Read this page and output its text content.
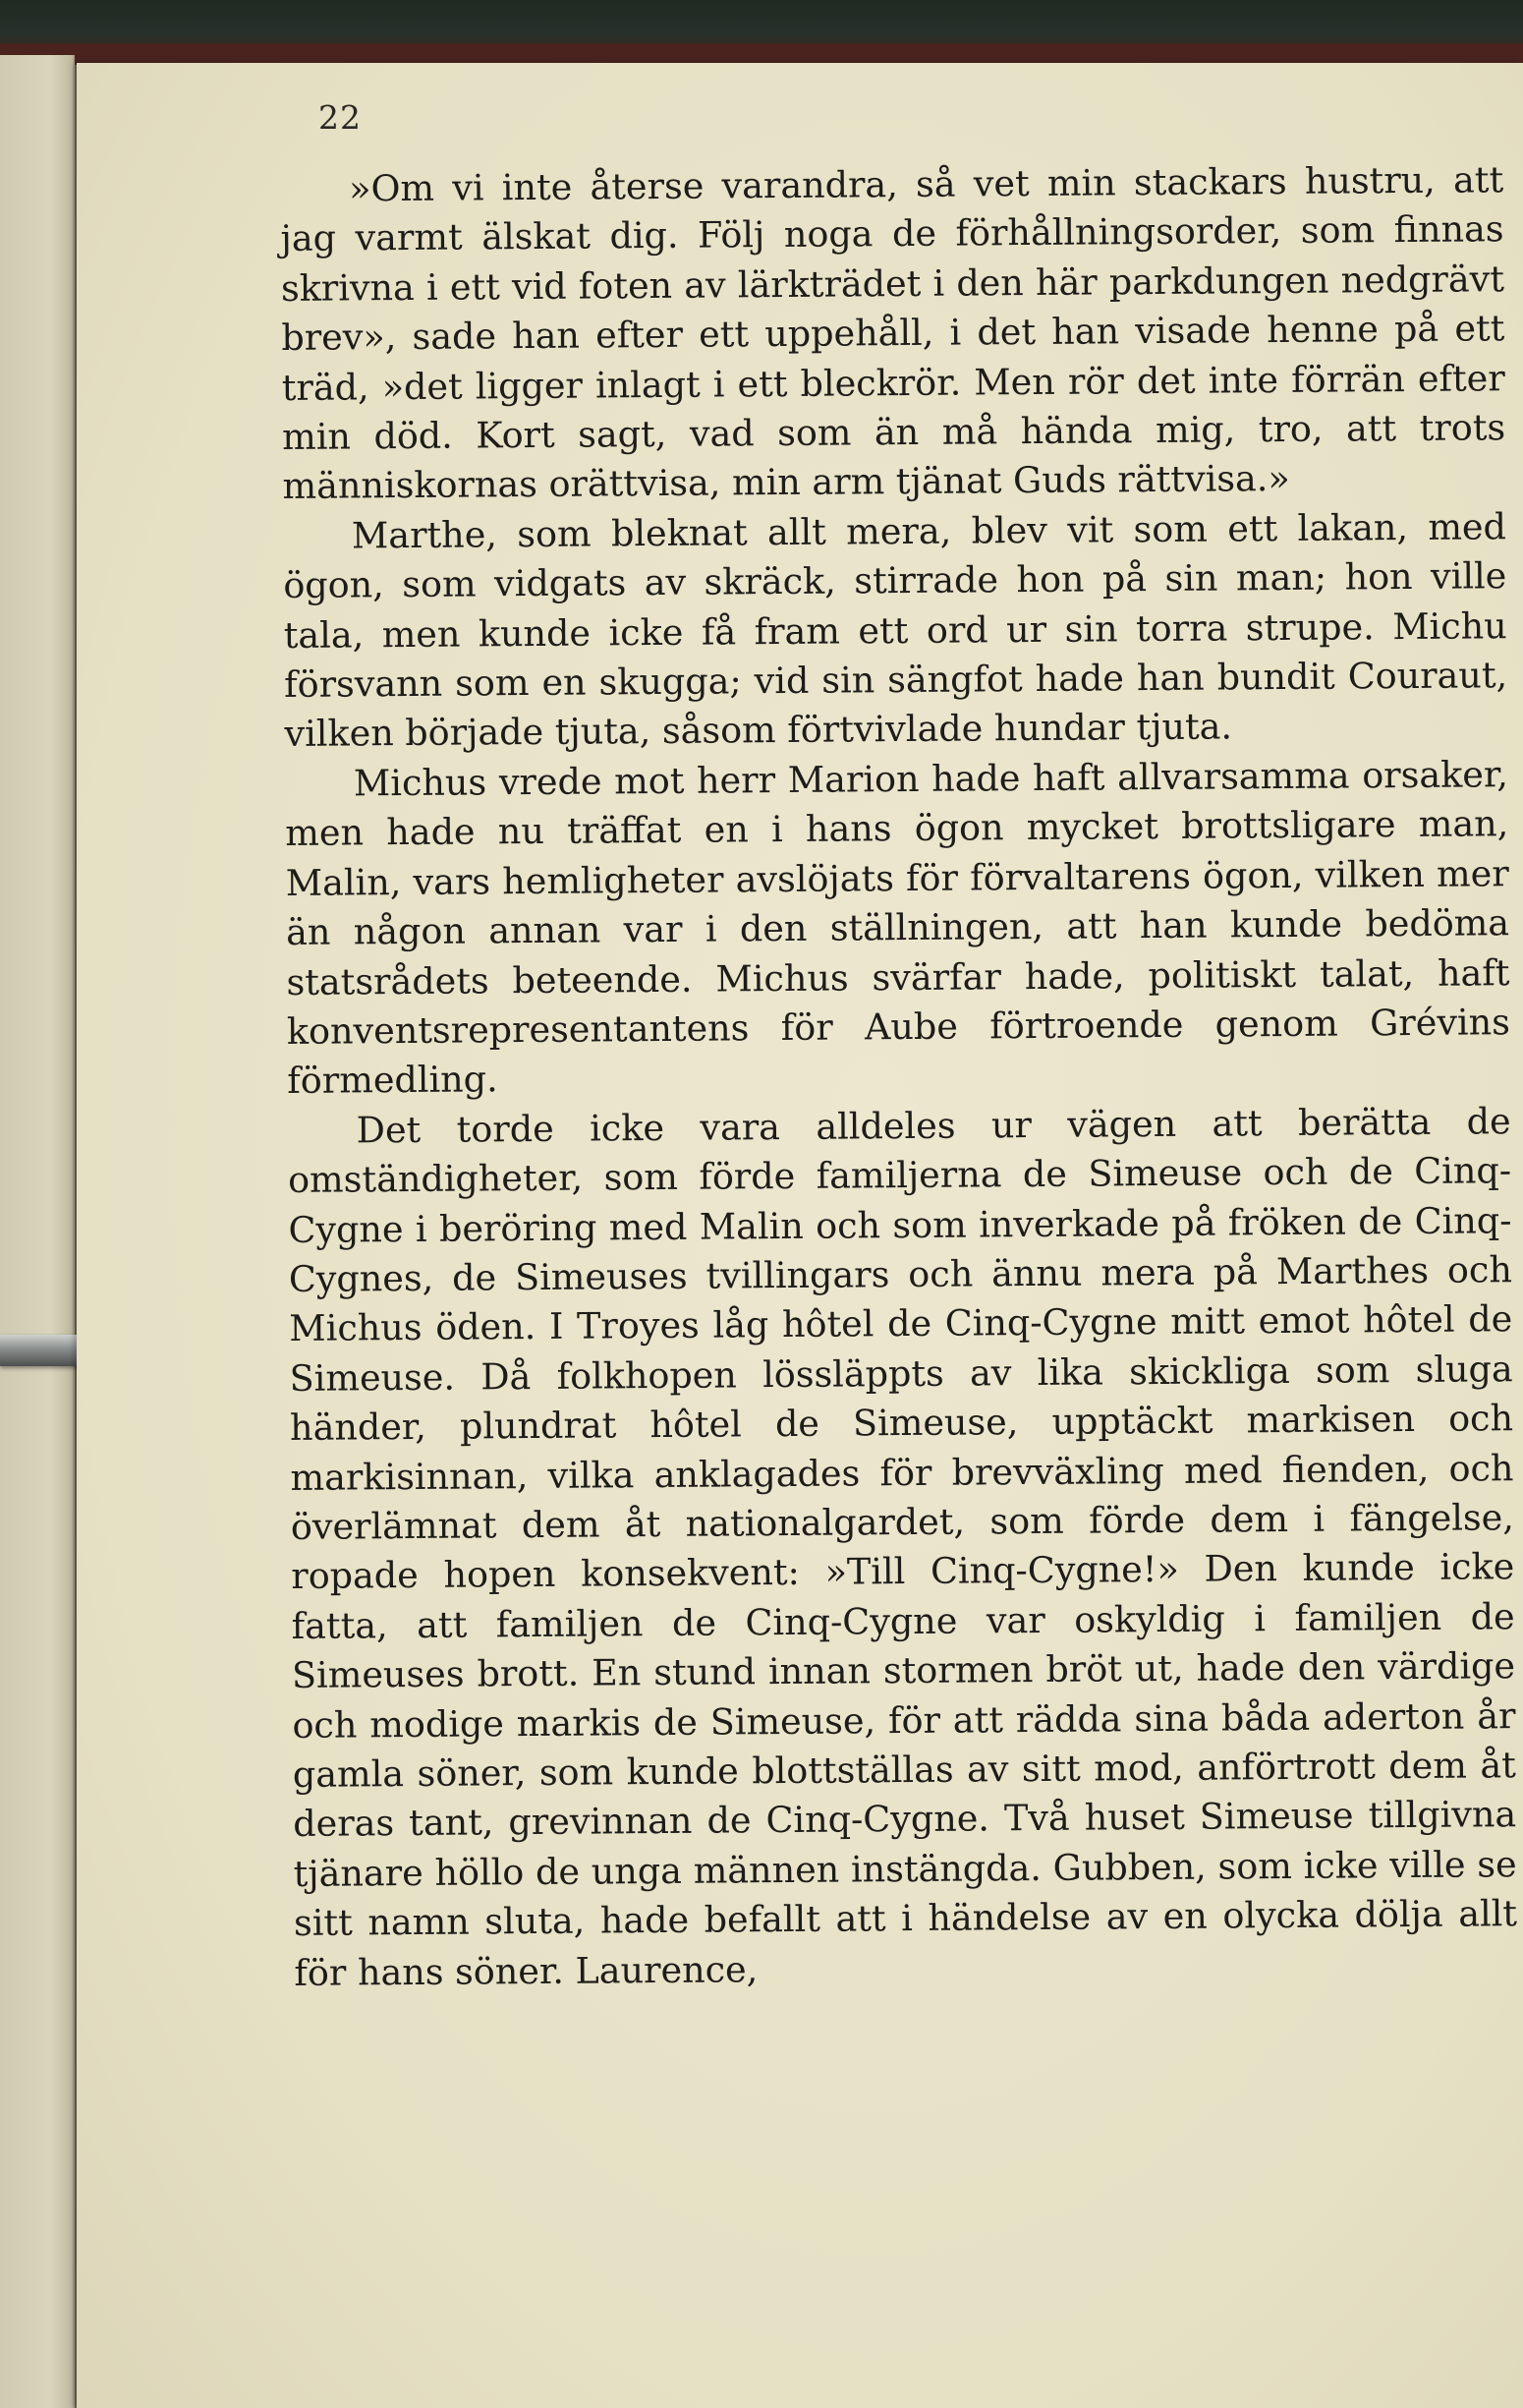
22

»Om vi inte återse varandra, så vet min stackars hustru, att jag varmt älskat dig. Följ noga de förhållningsorder, som finnas skrivna i ett vid foten av lärkträdet i den här parkdungen nedgrävt brev», sade han efter ett uppehåll, i det han visade henne på ett träd, »det ligger inlagt i ett bleckrör. Men rör det inte förrän efter min död. Kort sagt, vad som än må hända mig, tro, att trots människornas orättvisa, min arm tjänat Guds rättvisa.»

Marthe, som bleknat allt mera, blev vit som ett lakan, med ögon, som vidgats av skräck, stirrade hon på sin man; hon ville tala, men kunde icke få fram ett ord ur sin torra strupe. Michu försvann som en skugga; vid sin sängfot hade han bundit Couraut, vilken började tjuta, såsom förtvivlade hundar tjuta.

Michus vrede mot herr Marion hade haft allvarsamma orsaker, men hade nu träffat en i hans ögon mycket brottsligare man, Malin, vars hemligheter avslöjats för förvaltarens ögon, vilken mer än någon annan var i den ställningen, att han kunde bedöma statsrådets beteende. Michus svärfar hade, politiskt talat, haft konventsrepresentantens för Aube förtroende genom Grévins förmedling.

Det torde icke vara alldeles ur vägen att berätta de omständigheter, som förde familjerna de Simeuse och de Cinq-Cygne i beröring med Malin och som inverkade på fröken de Cinq-Cygnes, de Simeuses tvillingars och ännu mera på Marthes och Michus öden. I Troyes låg hôtel de Cinq-Cygne mitt emot hôtel de Simeuse. Då folkhopen lössläppts av lika skickliga som sluga händer, plundrat hôtel de Simeuse, upptäckt markisen och markisinnan, vilka anklagades för brevväxling med fienden, och överlämnat dem åt nationalgardet, som förde dem i fängelse, ropade hopen konsekvent: »Till Cinq-Cygne!» Den kunde icke fatta, att familjen de Cinq-Cygne var oskyldig i familjen de Simeuses brott. En stund innan stormen bröt ut, hade den värdige och modige markis de Simeuse, för att rädda sina båda aderton år gamla söner, som kunde blottställas av sitt mod, anförtrott dem åt deras tant, grevinnan de Cinq-Cygne. Två huset Simeuse tillgivna tjänare höllo de unga männen instängda. Gubben, som icke ville se sitt namn sluta, hade befallt att i händelse av en olycka dölja allt för hans söner. Laurence,
